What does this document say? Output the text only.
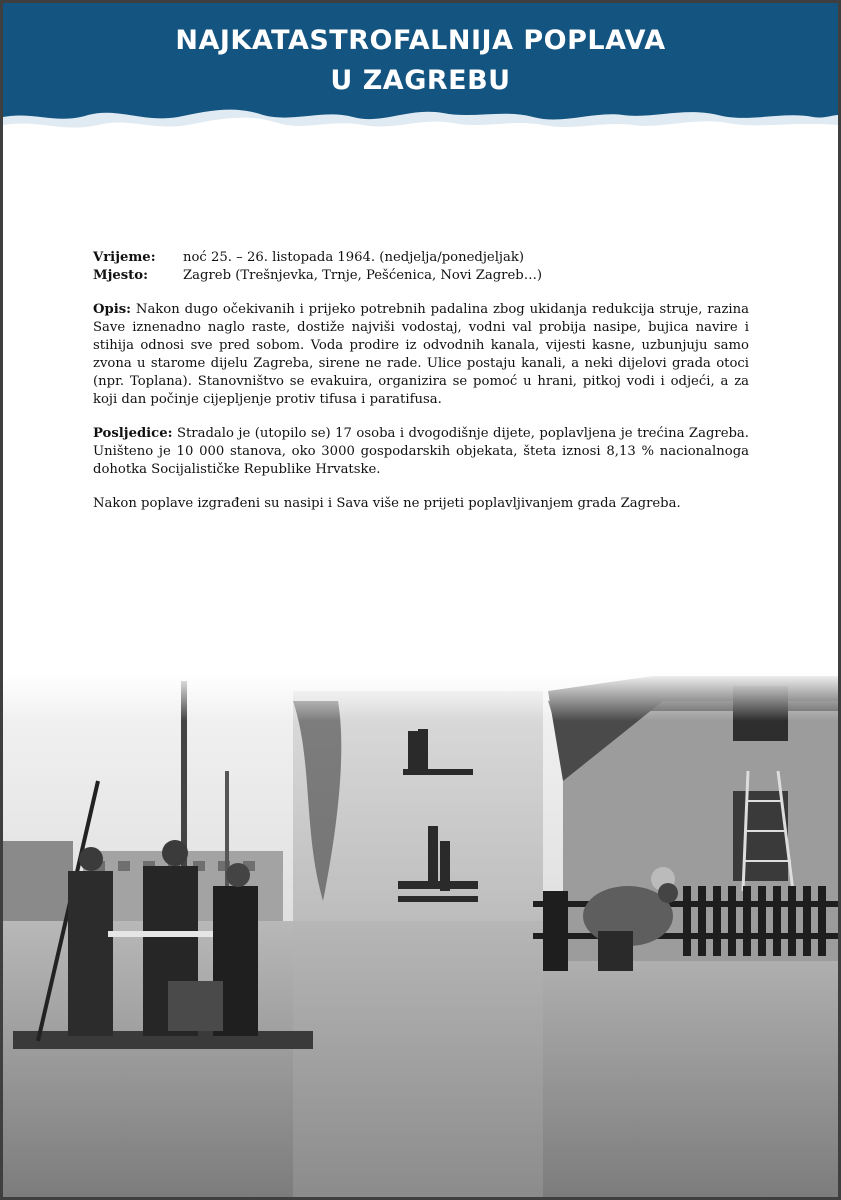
NAJKATASTROFALNIJA POPLAVA
U ZAGREBU
Vrijeme:	noć 25. – 26. listopada 1964. (nedjelja/ponedjeljak)
Mjesto:	Zagreb (Trešnjevka, Trnje, Pešćenica, Novi Zagreb…)
Opis: Nakon dugo očekivanih i prijeko potrebnih padalina zbog ukidanja redukcija struje, razina Save iznenadno naglo raste, dostiže najviši vodostaj, vodni val probija nasipe, bujica navire i stihija odnosi sve pred sobom. Voda prodire iz odvodnih kanala, vijesti kasne, uzbunjuju samo zvona u starome dijelu Zagreba, sirene ne rade. Ulice postaju kanali, a neki dijelovi grada otoci (npr. Toplana). Stanovništvo se evakuira, organizira se pomoć u hrani, pitkoj vodi i odjeći, a za koji dan počinje cijepljenje protiv tifusa i paratifusa.
Posljedice: Stradalo je (utopilo se) 17 osoba i dvogodišnje dijete, poplavljena je trećina Zagreba. Uništeno je 10 000 stanova, oko 3000 gospodarskih objekata, šteta iznosi 8,13 % nacionalnoga dohotka Socijalističke Republike Hrvatske.
Nakon poplave izgrađeni su nasipi i Sava više ne prijeti poplavljivanjem grada Zagreba.
